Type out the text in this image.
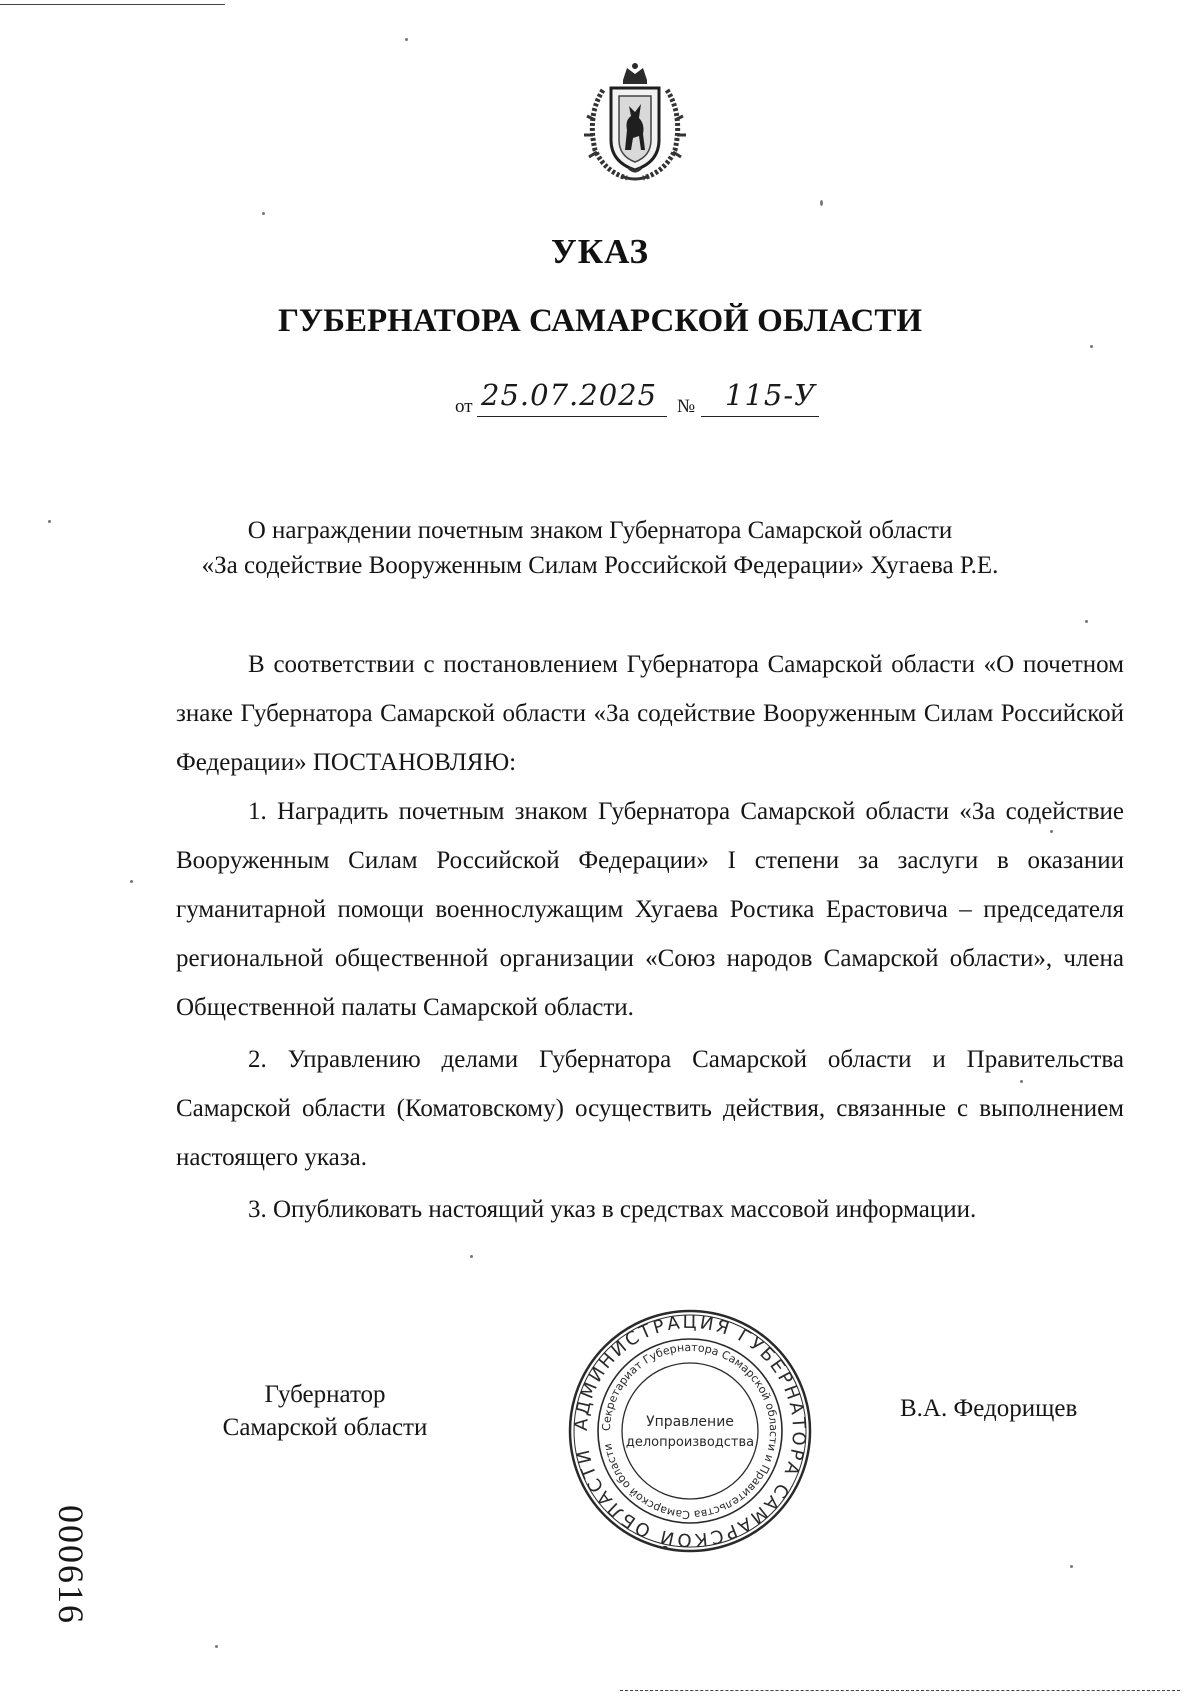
УКАЗ
ГУБЕРНАТОРА САМАРСКОЙ ОБЛАСТИ
от 25.07.2025 № 115-У
О награждении почетным знаком Губернатора Самарской области
«За содействие Вооруженным Силам Российской Федерации» Хугаева Р.Е.

В соответствии с постановлением Губернатора Самарской области «О почетном знаке Губернатора Самарской области «За содействие Вооруженным Силам Российской Федерации» ПОСТАНОВЛЯЮ:

1. Наградить почетным знаком Губернатора Самарской области «За содействие Вооруженным Силам Российской Федерации» I степени за заслуги в оказании гуманитарной помощи военнослужащим Хугаева Ростика Ерастовича – председателя региональной общественной организации «Союз народов Самарской области», члена Общественной палаты Самарской области.

2. Управлению делами Губернатора Самарской области и Правительства Самарской области (Коматовскому) осуществить действия, связанные с выполнением настоящего указа.

3. Опубликовать настоящий указ в средствах массовой информации.

Губернатор
Самарской области	АДМИНИСТРАЦИЯ ГУБЕРНАТОРА САМАРСКОЙ ОБЛАСТИ
Секретариат Губернатора Самарской области и Правительства Самарской области
Управление
делопроизводства
В.А. Федорищев
000616
